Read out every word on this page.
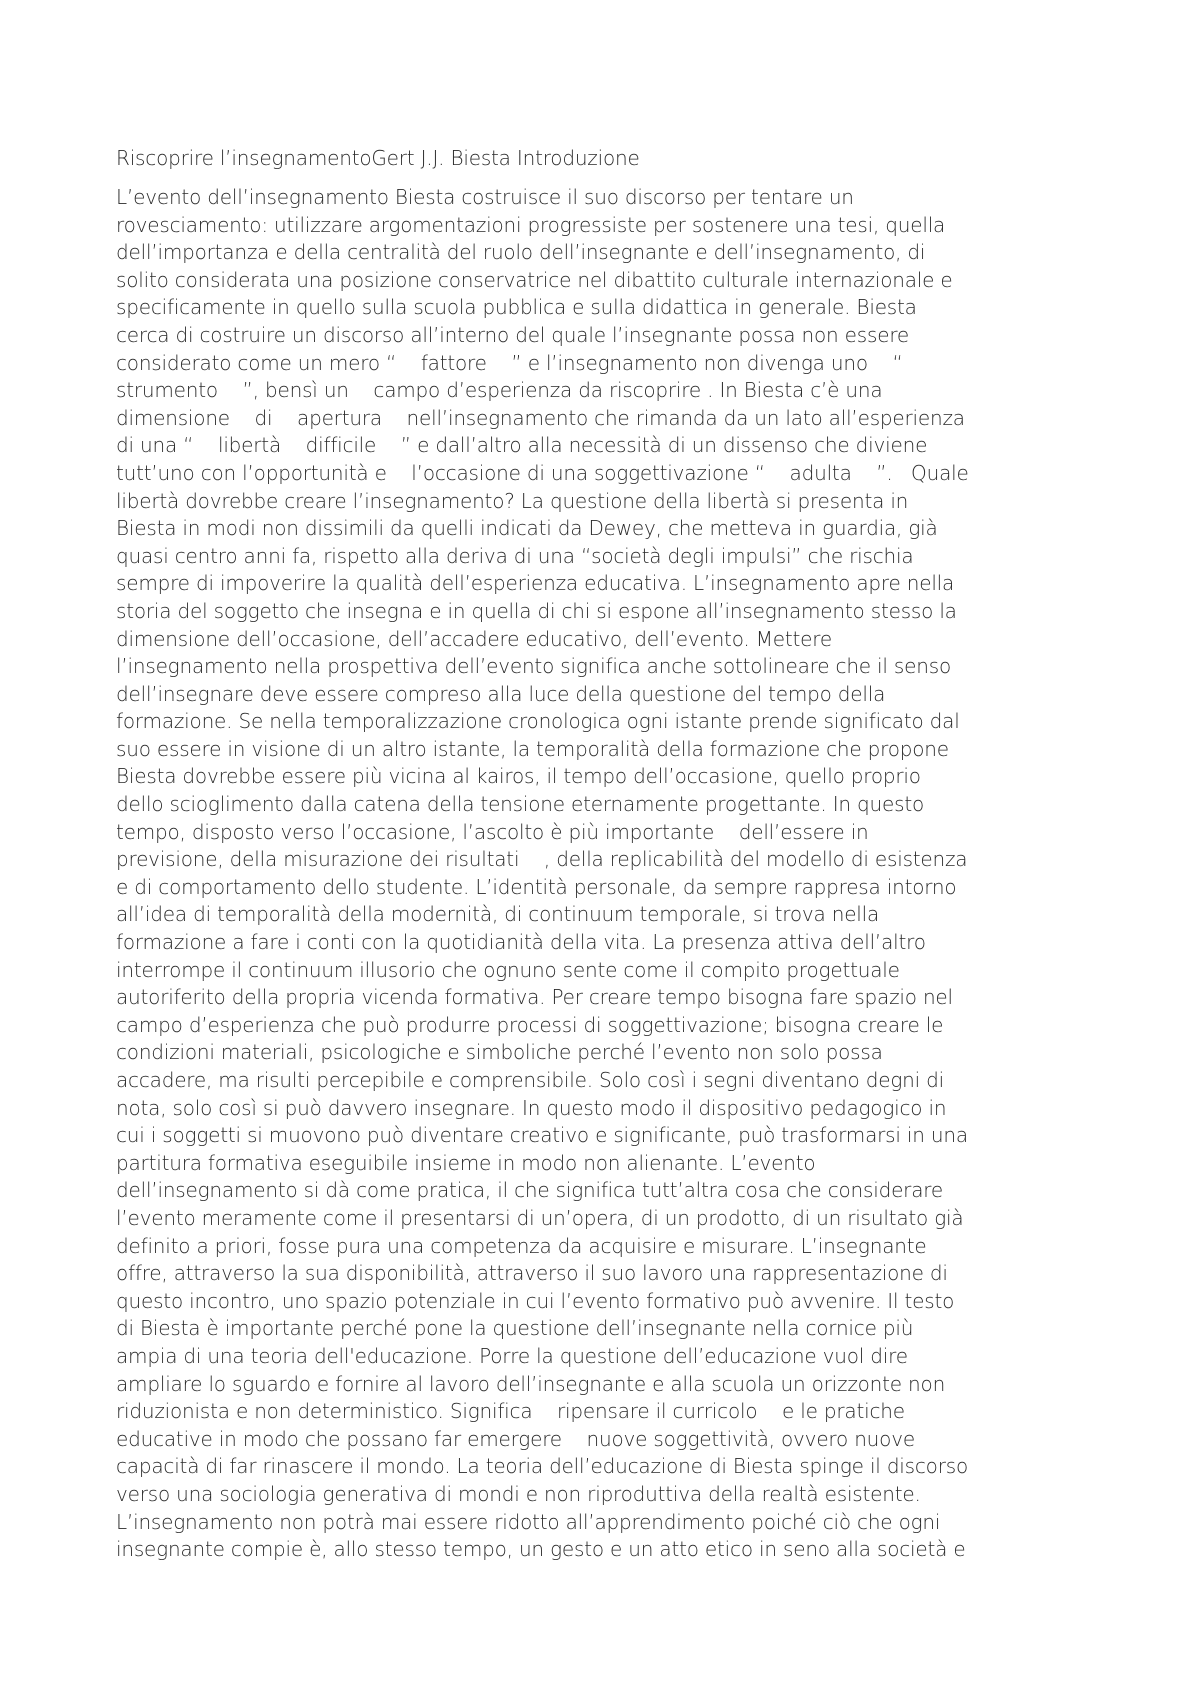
Riscoprire l’insegnamentoGert J.J. Biesta Introduzione
L’evento dell’insegnamento Biesta costruisce il suo discorso per tentare un
rovesciamento: utilizzare argomentazioni progressiste per sostenere una tesi, quella
dell’importanza e della centralità del ruolo dell’insegnante e dell’insegnamento, di
solito considerata una posizione conservatrice nel dibattito culturale internazionale e
specificamente in quello sulla scuola pubblica e sulla didattica in generale. Biesta
cerca di costruire un discorso all’interno del quale l’insegnante possa non essere
considerato come un mero “    fattore    ” e l’insegnamento non divenga uno    “
strumento    ”, bensì un    campo d’esperienza da riscoprire . In Biesta c’è una
dimensione    di    apertura    nell’insegnamento che rimanda da un lato all’esperienza
di una “    libertà    difficile    ” e dall’altro alla necessità di un dissenso che diviene
tutt’uno con l’opportunità e    l’occasione di una soggettivazione “    adulta    ”.   Quale
libertà dovrebbe creare l’insegnamento? La questione della libertà si presenta in
Biesta in modi non dissimili da quelli indicati da Dewey, che metteva in guardia, già
quasi centro anni fa, rispetto alla deriva di una “società degli impulsi” che rischia
sempre di impoverire la qualità dell’esperienza educativa. L’insegnamento apre nella
storia del soggetto che insegna e in quella di chi si espone all’insegnamento stesso la
dimensione dell’occasione, dell’accadere educativo, dell’evento. Mettere
l’insegnamento nella prospettiva dell’evento significa anche sottolineare che il senso
dell’insegnare deve essere compreso alla luce della questione del tempo della
formazione. Se nella temporalizzazione cronologica ogni istante prende significato dal
suo essere in visione di un altro istante, la temporalità della formazione che propone
Biesta dovrebbe essere più vicina al kairos, il tempo dell’occasione, quello proprio
dello scioglimento dalla catena della tensione eternamente progettante. In questo
tempo, disposto verso l’occasione, l’ascolto è più importante    dell’essere in
previsione, della misurazione dei risultati    , della replicabilità del modello di esistenza
e di comportamento dello studente. L’identità personale, da sempre rappresa intorno
all’idea di temporalità della modernità, di continuum temporale, si trova nella
formazione a fare i conti con la quotidianità della vita. La presenza attiva dell’altro
interrompe il continuum illusorio che ognuno sente come il compito progettuale
autoriferito della propria vicenda formativa. Per creare tempo bisogna fare spazio nel
campo d’esperienza che può produrre processi di soggettivazione; bisogna creare le
condizioni materiali, psicologiche e simboliche perché l’evento non solo possa
accadere, ma risulti percepibile e comprensibile. Solo così i segni diventano degni di
nota, solo così si può davvero insegnare. In questo modo il dispositivo pedagogico in
cui i soggetti si muovono può diventare creativo e significante, può trasformarsi in una
partitura formativa eseguibile insieme in modo non alienante. L’evento
dell’insegnamento si dà come pratica, il che significa tutt’altra cosa che considerare
l’evento meramente come il presentarsi di un’opera, di un prodotto, di un risultato già
definito a priori, fosse pura una competenza da acquisire e misurare. L’insegnante
offre, attraverso la sua disponibilità, attraverso il suo lavoro una rappresentazione di
questo incontro, uno spazio potenziale in cui l’evento formativo può avvenire. Il testo
di Biesta è importante perché pone la questione dell’insegnante nella cornice più
ampia di una teoria dell'educazione. Porre la questione dell’educazione vuol dire
ampliare lo sguardo e fornire al lavoro dell’insegnante e alla scuola un orizzonte non
riduzionista e non deterministico. Significa    ripensare il curricolo    e le pratiche
educative in modo che possano far emergere    nuove soggettività, ovvero nuove
capacità di far rinascere il mondo. La teoria dell’educazione di Biesta spinge il discorso
verso una sociologia generativa di mondi e non riproduttiva della realtà esistente.
L’insegnamento non potrà mai essere ridotto all’apprendimento poiché ciò che ogni
insegnante compie è, allo stesso tempo, un gesto e un atto etico in seno alla società e
